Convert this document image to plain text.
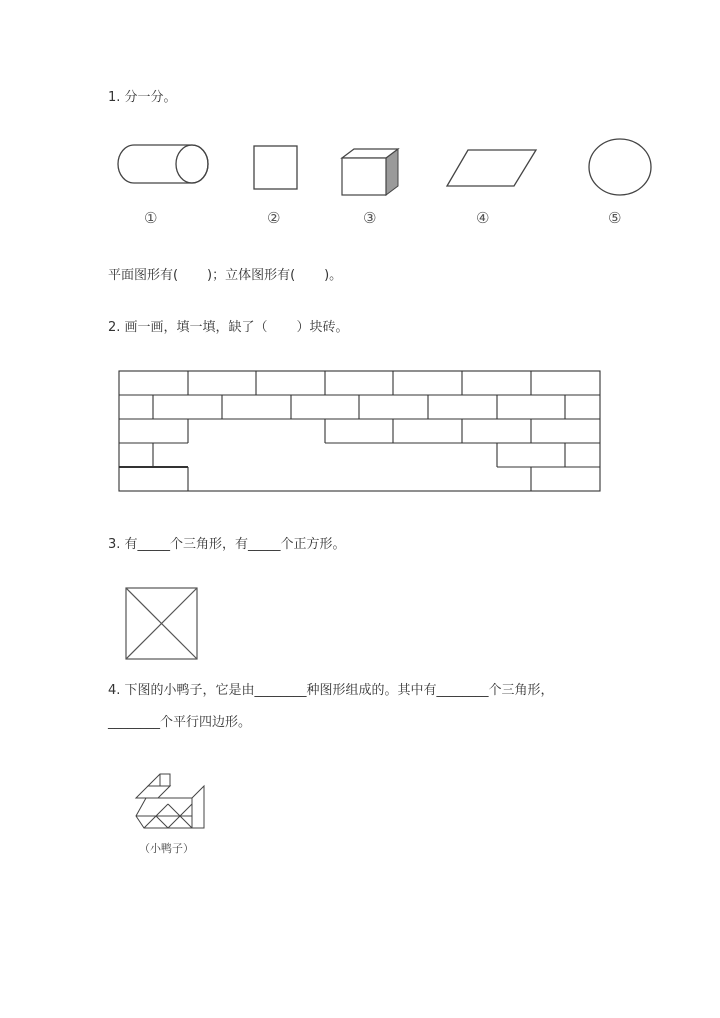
1. 分一分。
①	②	③	④	⑤
平面图形有(       )；立体图形有(       )。
2. 画一画，填一填，缺了（       ）块砖。
3. 有_____个三角形，有_____个正方形。
4. 下图的小鸭子，它是由________种图形组成的。其中有________个三角形，
________个平行四边形。
（小鸭子）
